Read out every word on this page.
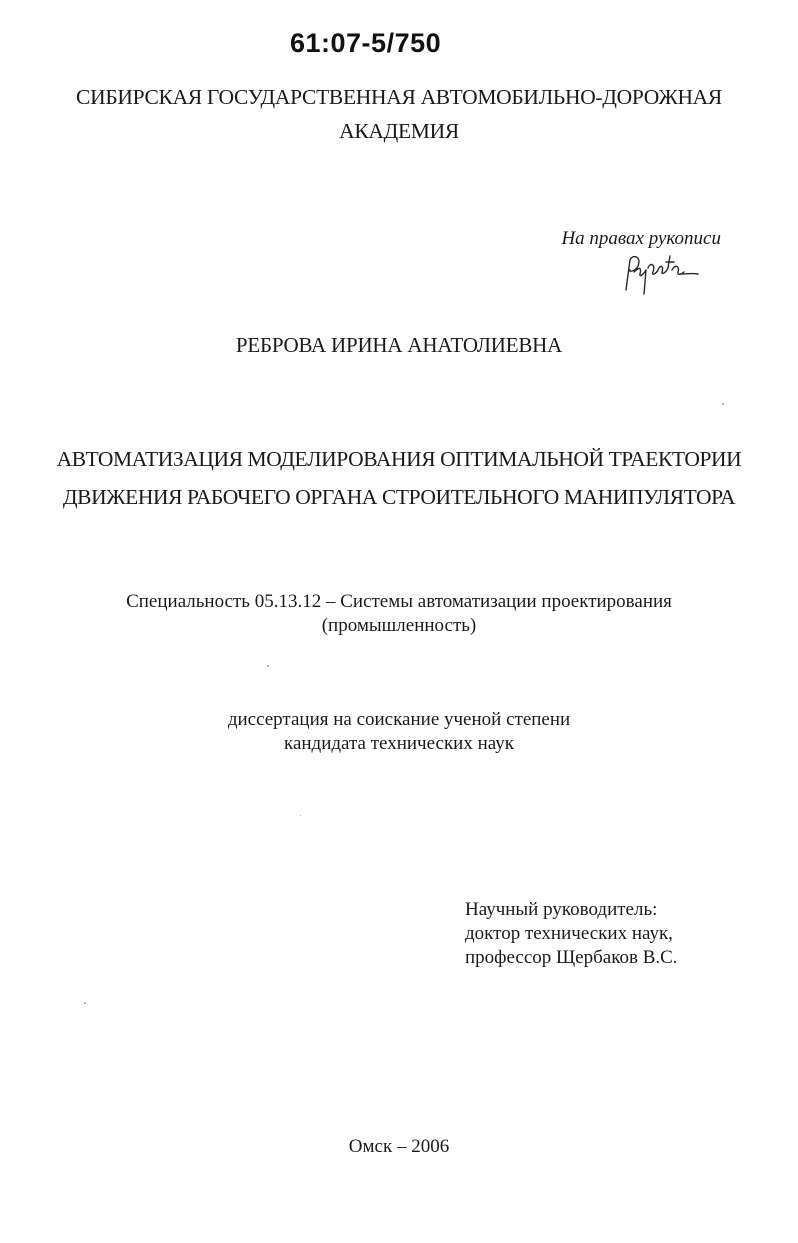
61:07-5/750
СИБИРСКАЯ ГОСУДАРСТВЕННАЯ АВТОМОБИЛЬНО-ДОРОЖНАЯ
АКАДЕМИЯ
На правах рукописи
РЕБРОВА ИРИНА АНАТОЛИЕВНА
АВТОМАТИЗАЦИЯ МОДЕЛИРОВАНИЯ ОПТИМАЛЬНОЙ ТРАЕКТОРИИ
ДВИЖЕНИЯ РАБОЧЕГО ОРГАНА СТРОИТЕЛЬНОГО МАНИПУЛЯТОРА
Специальность 05.13.12 – Системы автоматизации проектирования
(промышленность)
диссертация на соискание ученой степени
кандидата технических наук
Научный руководитель:
доктор технических наук,
профессор Щербаков В.С.
Омск – 2006
